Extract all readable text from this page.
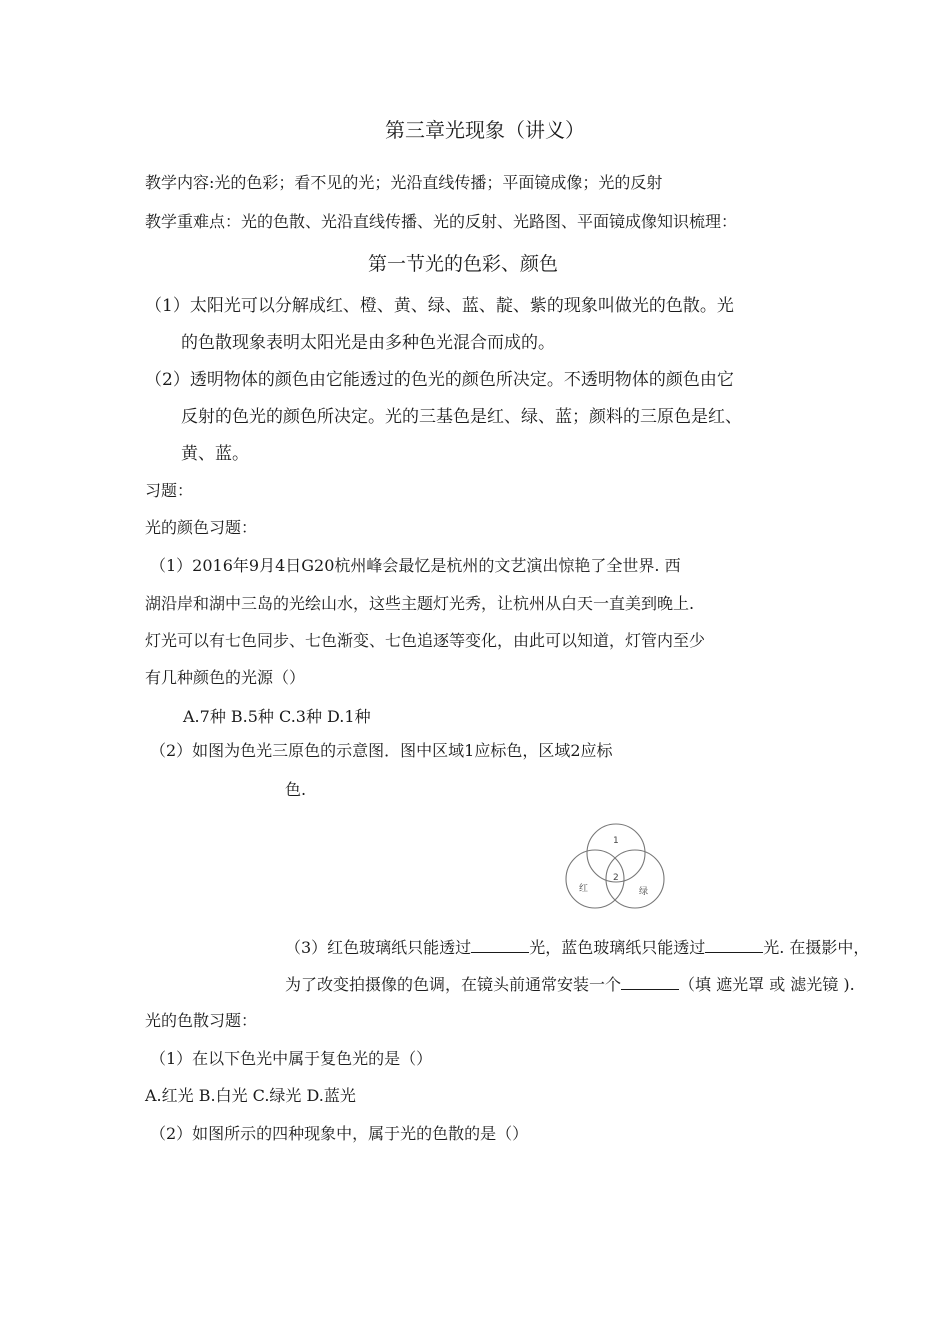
第三章光现象（讲义）
教学内容:光的色彩；看不见的光；光沿直线传播；平面镜成像；光的反射
教学重难点：光的色散、光沿直线传播、光的反射、光路图、平面镜成像知识梳理：
第一节光的色彩、颜色
（1）太阳光可以分解成红、橙、黄、绿、蓝、靛、紫的现象叫做光的色散。光
的色散现象表明太阳光是由多种色光混合而成的。
（2）透明物体的颜色由它能透过的色光的颜色所决定。不透明物体的颜色由它
反射的色光的颜色所决定。光的三基色是红、绿、蓝；颜料的三原色是红、
黄、蓝。
习题：
光的颜色习题：
（1）2016年9月4日G20杭州峰会最忆是杭州的文艺演出惊艳了全世界. 西
湖沿岸和湖中三岛的光绘山水，这些主题灯光秀，让杭州从白天一直美到晚上.
灯光可以有七色同步、七色渐变、七色追逐等变化，由此可以知道，灯管内至少
有几种颜色的光源（）
A.7种 B.5种 C.3种 D.1种
（2）如图为色光三原色的示意图．图中区域1应标色，区域2应标
色.
1
2
红	绿
（3）红色玻璃纸只能透过	光，蓝色玻璃纸只能透过	光. 在摄影中，
为了改变拍摄像的色调，在镜头前通常安装一个	（填 遮光罩 或 滤光镜 ).
光的色散习题：
（1）在以下色光中属于复色光的是（）
A.红光 B.白光 C.绿光 D.蓝光
（2）如图所示的四种现象中，属于光的色散的是（）
